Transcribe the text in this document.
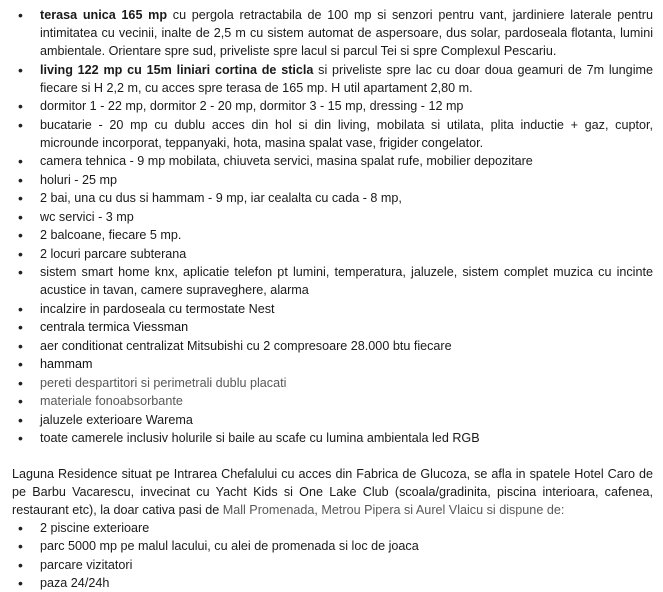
• terasa unica 165 mp cu pergola retractabila de 100 mp si senzori pentru vant, jardiniere laterale pentru intimitatea cu vecinii, inalte de 2,5 m cu sistem automat de aspersoare, dus solar, pardoseala flotanta, lumini ambientale. Orientare spre sud, priveliste spre lacul si parcul Tei si spre Complexul Pescariu.
• living 122 mp cu 15m liniari cortina de sticla si priveliste spre lac cu doar doua geamuri de 7m lungime fiecare si H 2,2 m, cu acces spre terasa de 165 mp. H util apartament 2,80 m.
• dormitor 1 - 22 mp, dormitor 2 - 20 mp, dormitor 3 - 15 mp, dressing - 12 mp
• bucatarie - 20 mp cu dublu acces din hol si din living, mobilata si utilata, plita inductie + gaz, cuptor, microunde incorporat, teppanyaki, hota, masina spalat vase, frigider congelator.
• camera tehnica - 9 mp mobilata, chiuveta servici, masina spalat rufe, mobilier depozitare
• holuri - 25 mp
• 2 bai, una cu dus si hammam - 9 mp, iar cealalta cu cada - 8 mp,
• wc servici - 3 mp
• 2 balcoane, fiecare 5 mp.
• 2 locuri parcare subterana
• sistem smart home knx, aplicatie telefon pt lumini, temperatura, jaluzele, sistem complet muzica cu incinte acustice in tavan, camere supraveghere, alarma
• incalzire in pardoseala cu termostate Nest
• centrala termica Viessman
• aer conditionat centralizat Mitsubishi cu 2 compresoare 28.000 btu fiecare
• hammam
• pereti despartitori si perimetrali dublu placati
• materiale fonoabsorbante
• jaluzele exterioare Warema
• toate camerele inclusiv holurile si baile au scafe cu lumina ambientala led RGB

Laguna Residence situat pe Intrarea Chefalului cu acces din Fabrica de Glucoza, se afla in spatele Hotel Caro de pe Barbu Vacarescu, invecinat cu Yacht Kids si One Lake Club (scoala/gradinita, piscina interioara, cafenea, restaurant etc), la doar cativa pasi de Mall Promenada, Metrou Pipera si Aurel Vlaicu si dispune de:

• 2 piscine exterioare
• parc 5000 mp pe malul lacului, cu alei de promenada si loc de joaca
• parcare vizitatori
• paza 24/24h
